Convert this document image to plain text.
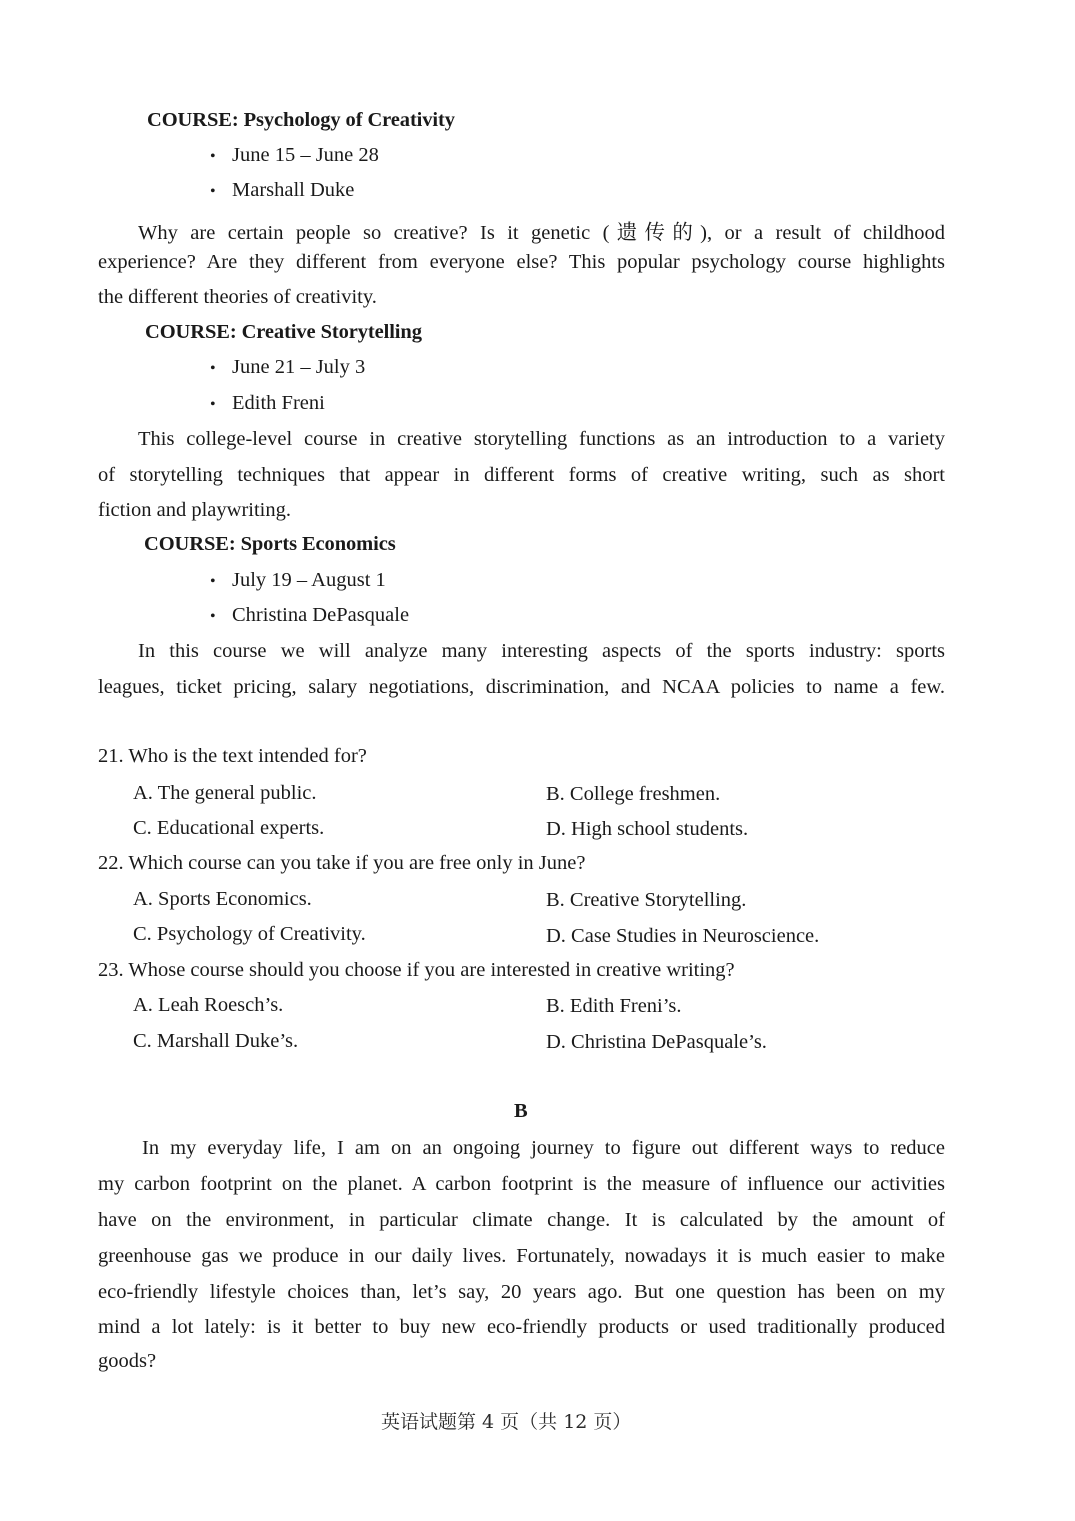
COURSE: Psychology of Creativity
• June 15 – June 28
• Marshall Duke
Why are certain people so creative? Is it genetic (遗传的), or a result of childhood
experience? Are they different from everyone else? This popular psychology course highlights
the different theories of creativity.
COURSE: Creative Storytelling
• June 21 – July 3
• Edith Freni
This college-level course in creative storytelling functions as an introduction to a variety
of storytelling techniques that appear in different forms of creative writing, such as short
fiction and playwriting.
COURSE: Sports Economics
• July 19 – August 1
• Christina DePasquale
In this course we will analyze many interesting aspects of the sports industry: sports
leagues, ticket pricing, salary negotiations, discrimination, and NCAA policies to name a few.
21. Who is the text intended for?
A. The general public.	B. College freshmen.
C. Educational experts.	D. High school students.
22. Which course can you take if you are free only in June?
A. Sports Economics.	B. Creative Storytelling.
C. Psychology of Creativity.	D. Case Studies in Neuroscience.
23. Whose course should you choose if you are interested in creative writing?
A. Leah Roesch’s.	B. Edith Freni’s.
C. Marshall Duke’s.	D. Christina DePasquale’s.
B
In my everyday life, I am on an ongoing journey to figure out different ways to reduce
my carbon footprint on the planet. A carbon footprint is the measure of influence our activities
have on the environment, in particular climate change. It is calculated by the amount of
greenhouse gas we produce in our daily lives. Fortunately, nowadays it is much easier to make
eco-friendly lifestyle choices than, let’s say, 20 years ago. But one question has been on my
mind a lot lately: is it better to buy new eco-friendly products or used traditionally produced
goods?
英语试题第 4 页（共 12 页）
